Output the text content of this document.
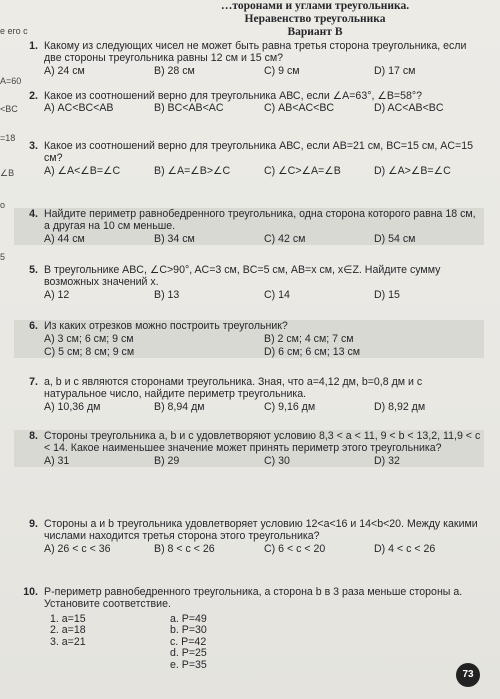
…торонами и углами треугольника.
Неравенство треугольника
Вариант В
е его с
A=60
<BC
=18
∠B
о
5
1. Какому из следующих чисел не может быть равна третья сторона треугольника, если две стороны треугольника равны 12 см и 15 см?
А) 24 см	В) 28 см	С) 9 см	D) 17 см
2. Какое из соотношений верно для треугольника АВС, если ∠A=63°, ∠B=58°?
А) AC<BC<AB	В) BC<AB<AC	С) AB<AC<BC	D) AC<AB<BC
3. Какое из соотношений верно для треугольника АВС, если AB=21 см, BC=15 см, AC=15 см?
А) ∠A<∠B=∠C	В) ∠A=∠B>∠C	С) ∠C>∠A=∠B	D) ∠A>∠B=∠C
4. Найдите периметр равнобедренного треугольника, одна сторона которого равна 18 см, а другая на 10 см меньше.
А) 44 см	В) 34 см	С) 42 см	D) 54 см
5. В треугольнике ABC, ∠C>90°, AC=3 см, BC=5 см, AB=x см, x∈Z. Найдите сумму возможных значений x.
А) 12	В) 13	С) 14	D) 15
6. Из каких отрезков можно построить треугольник?
А) 3 см; 6 см; 9 см	В) 2 см; 4 см; 7 см
С) 5 см; 8 см; 9 см	D) 6 см; 6 см; 13 см
7. a, b и c являются сторонами треугольника. Зная, что a=4,12 дм, b=0,8 дм и c натуральное число, найдите периметр треугольника.
А) 10,36 дм	В) 8,94 дм	С) 9,16 дм	D) 8,92 дм
8. Стороны треугольника a, b и c удовлетворяют условию 8,3 < a < 11, 9 < b < 13,2, 11,9 < c < 14. Какое наименьшее значение может принять периметр этого треугольника?
А) 31	В) 29	С) 30	D) 32
9. Стороны a и b треугольника удовлетворяет условию 12<a<16 и 14<b<20. Между какими числами находится третья сторона этого треугольника?
А) 26 < c < 36	В) 8 < c < 26	С) 6 < c < 20	D) 4 < c < 26
10. P-периметр равнобедренного треугольника, а сторона b в 3 раза меньше стороны a. Установите соответствие.
1. a=15
2. a=18
3. a=21
a. P=49
b. P=30
c. P=42
d. P=25
e. P=35
73
